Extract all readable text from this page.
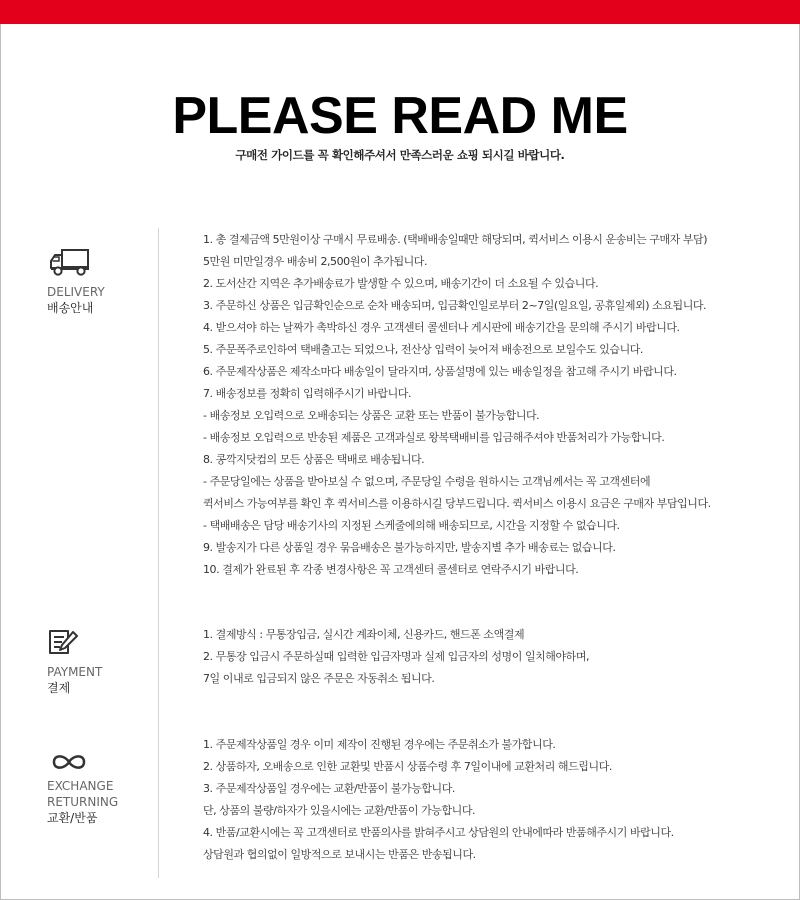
PLEASE READ ME
구매전 가이드를 꼭 확인해주셔서 만족스러운 쇼핑 되시길 바랍니다.
DELIVERY
배송안내
1. 총 결제금액 5만원이상 구매시 무료배송. (택배배송일때만 해당되며, 퀵서비스 이용시 운송비는 구매자 부담)
5만원 미만일경우 배송비 2,500원이 추가됩니다.
2. 도서산간 지역은 추가배송료가 발생할 수 있으며, 배송기간이 더 소요될 수 있습니다.
3. 주문하신 상품은 입금확인순으로 순차 배송되며, 입금확인일로부터 2~7일(일요일, 공휴일제외) 소요됩니다.
4. 받으셔야 하는 날짜가 촉박하신 경우 고객센터 콜센터나 게시판에 배송기간을 문의해 주시기 바랍니다.
5. 주문폭주로인하여 택배출고는 되었으나, 전산상 입력이 늦어져 배송전으로 보일수도 있습니다.
6. 주문제작상품은 제작소마다 배송일이 달라지며, 상품설명에 있는 배송일정을 참고해 주시기 바랍니다.
7. 배송정보를 정확히 입력해주시기 바랍니다.
- 배송정보 오입력으로 오배송되는 상품은 교환 또는 반품이 불가능합니다.
- 배송정보 오입력으로 반송된 제품은 고객과실로 왕복택배비를 입금해주셔야 반품처리가 가능합니다.
8. 콩깍지닷컴의 모든 상품은 택배로 배송됩니다.
- 주문당일에는 상품을 받아보실 수 없으며, 주문당일 수령을 원하시는 고객님께서는 꼭 고객센터에
퀵서비스 가능여부를 확인 후 퀵서비스를 이용하시길 당부드립니다. 퀵서비스 이용시 요금은 구매자 부담입니다.
- 택배배송은 담당 배송기사의 지정된 스케줄에의해 배송되므로, 시간을 지정할 수 없습니다.
9. 발송지가 다른 상품일 경우 묶음배송은 불가능하지만, 발송지별 추가 배송료는 없습니다.
10. 결제가 완료된 후 각종 변경사항은 꼭 고객센터 콜센터로 연락주시기 바랍니다.
PAYMENT
결제
1. 결제방식 : 무통장입금, 실시간 계좌이체, 신용카드, 핸드폰 소액결제
2. 무통장 입금시 주문하실때 입력한 입금자명과 실제 입금자의 성명이 일치해야하며,
7일 이내로 입금되지 않은 주문은 자동취소 됩니다.
EXCHANGE
RETURNING
교환/반품
1. 주문제작상품일 경우 이미 제작이 진행된 경우에는 주문취소가 불가합니다.
2. 상품하자, 오배송으로 인한 교환및 반품시 상품수령 후 7일이내에 교환처리 해드립니다.
3. 주문제작상품일 경우에는 교환/반품이 불가능합니다.
단, 상품의 불량/하자가 있을시에는 교환/반품이 가능합니다.
4. 반품/교환시에는 꼭 고객센터로 반품의사를 밝혀주시고 상담원의 안내에따라 반품해주시기 바랍니다.
상담원과 협의없이 일방적으로 보내시는 반품은 반송됩니다.
